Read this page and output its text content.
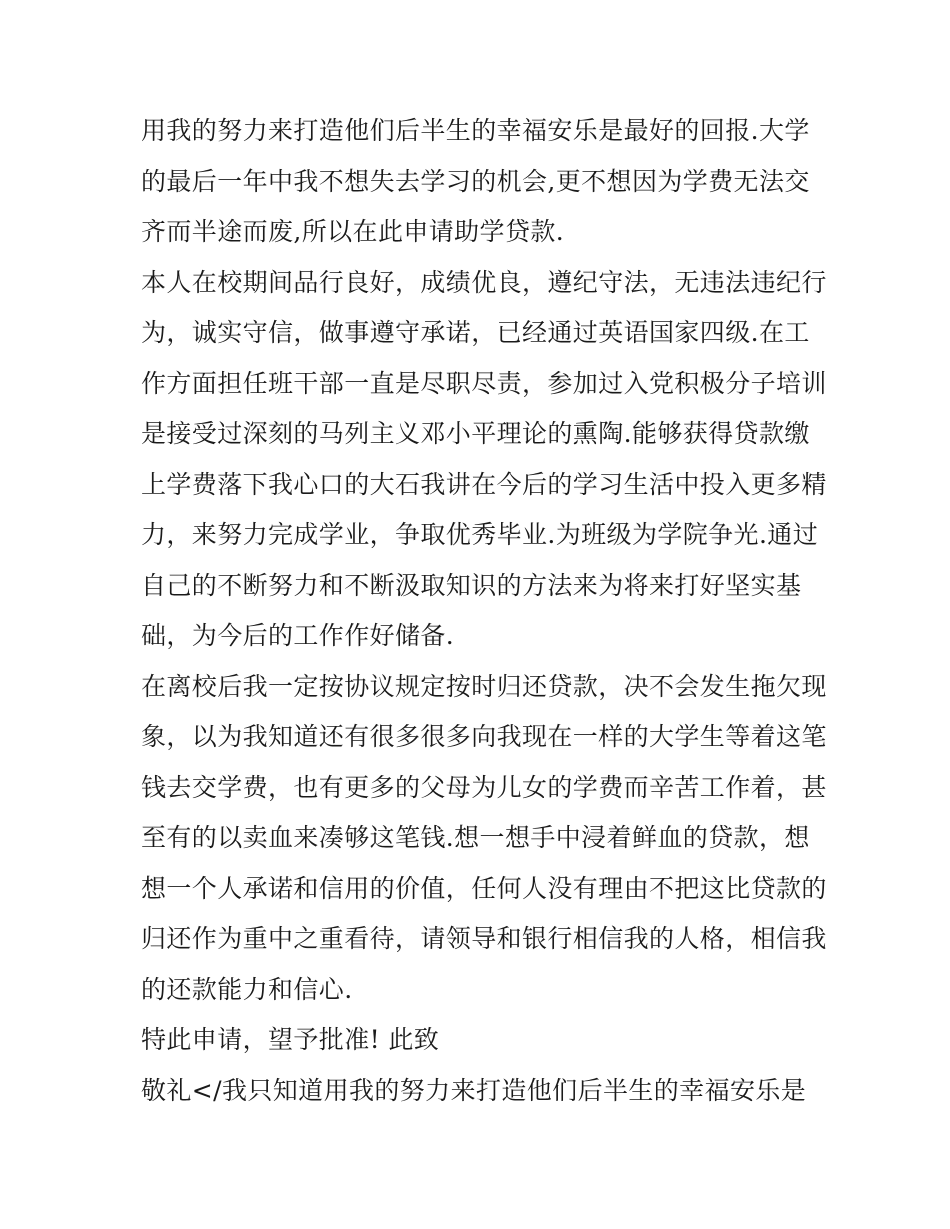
用我的努力来打造他们后半生的幸福安乐是最好的回报.大学
的最后一年中我不想失去学习的机会,更不想因为学费无法交
齐而半途而废,所以在此申请助学贷款.
本人在校期间品行良好，成绩优良，遵纪守法，无违法违纪行
为，诚实守信，做事遵守承诺，已经通过英语国家四级.在工
作方面担任班干部一直是尽职尽责，参加过入党积极分子培训
是接受过深刻的马列主义邓小平理论的熏陶.能够获得贷款缴
上学费落下我心口的大石我讲在今后的学习生活中投入更多精
力，来努力完成学业，争取优秀毕业.为班级为学院争光.通过
自己的不断努力和不断汲取知识的方法来为将来打好坚实基
础，为今后的工作作好储备.
在离校后我一定按协议规定按时归还贷款，决不会发生拖欠现
象，以为我知道还有很多很多向我现在一样的大学生等着这笔
钱去交学费，也有更多的父母为儿女的学费而辛苦工作着，甚
至有的以卖血来凑够这笔钱.想一想手中浸着鲜血的贷款，想
想一个人承诺和信用的价值，任何人没有理由不把这比贷款的
归还作为重中之重看待，请领导和银行相信我的人格，相信我
的还款能力和信心.
特此申请，望予批准! 此致
敬礼</我只知道用我的努力来打造他们后半生的幸福安乐是
